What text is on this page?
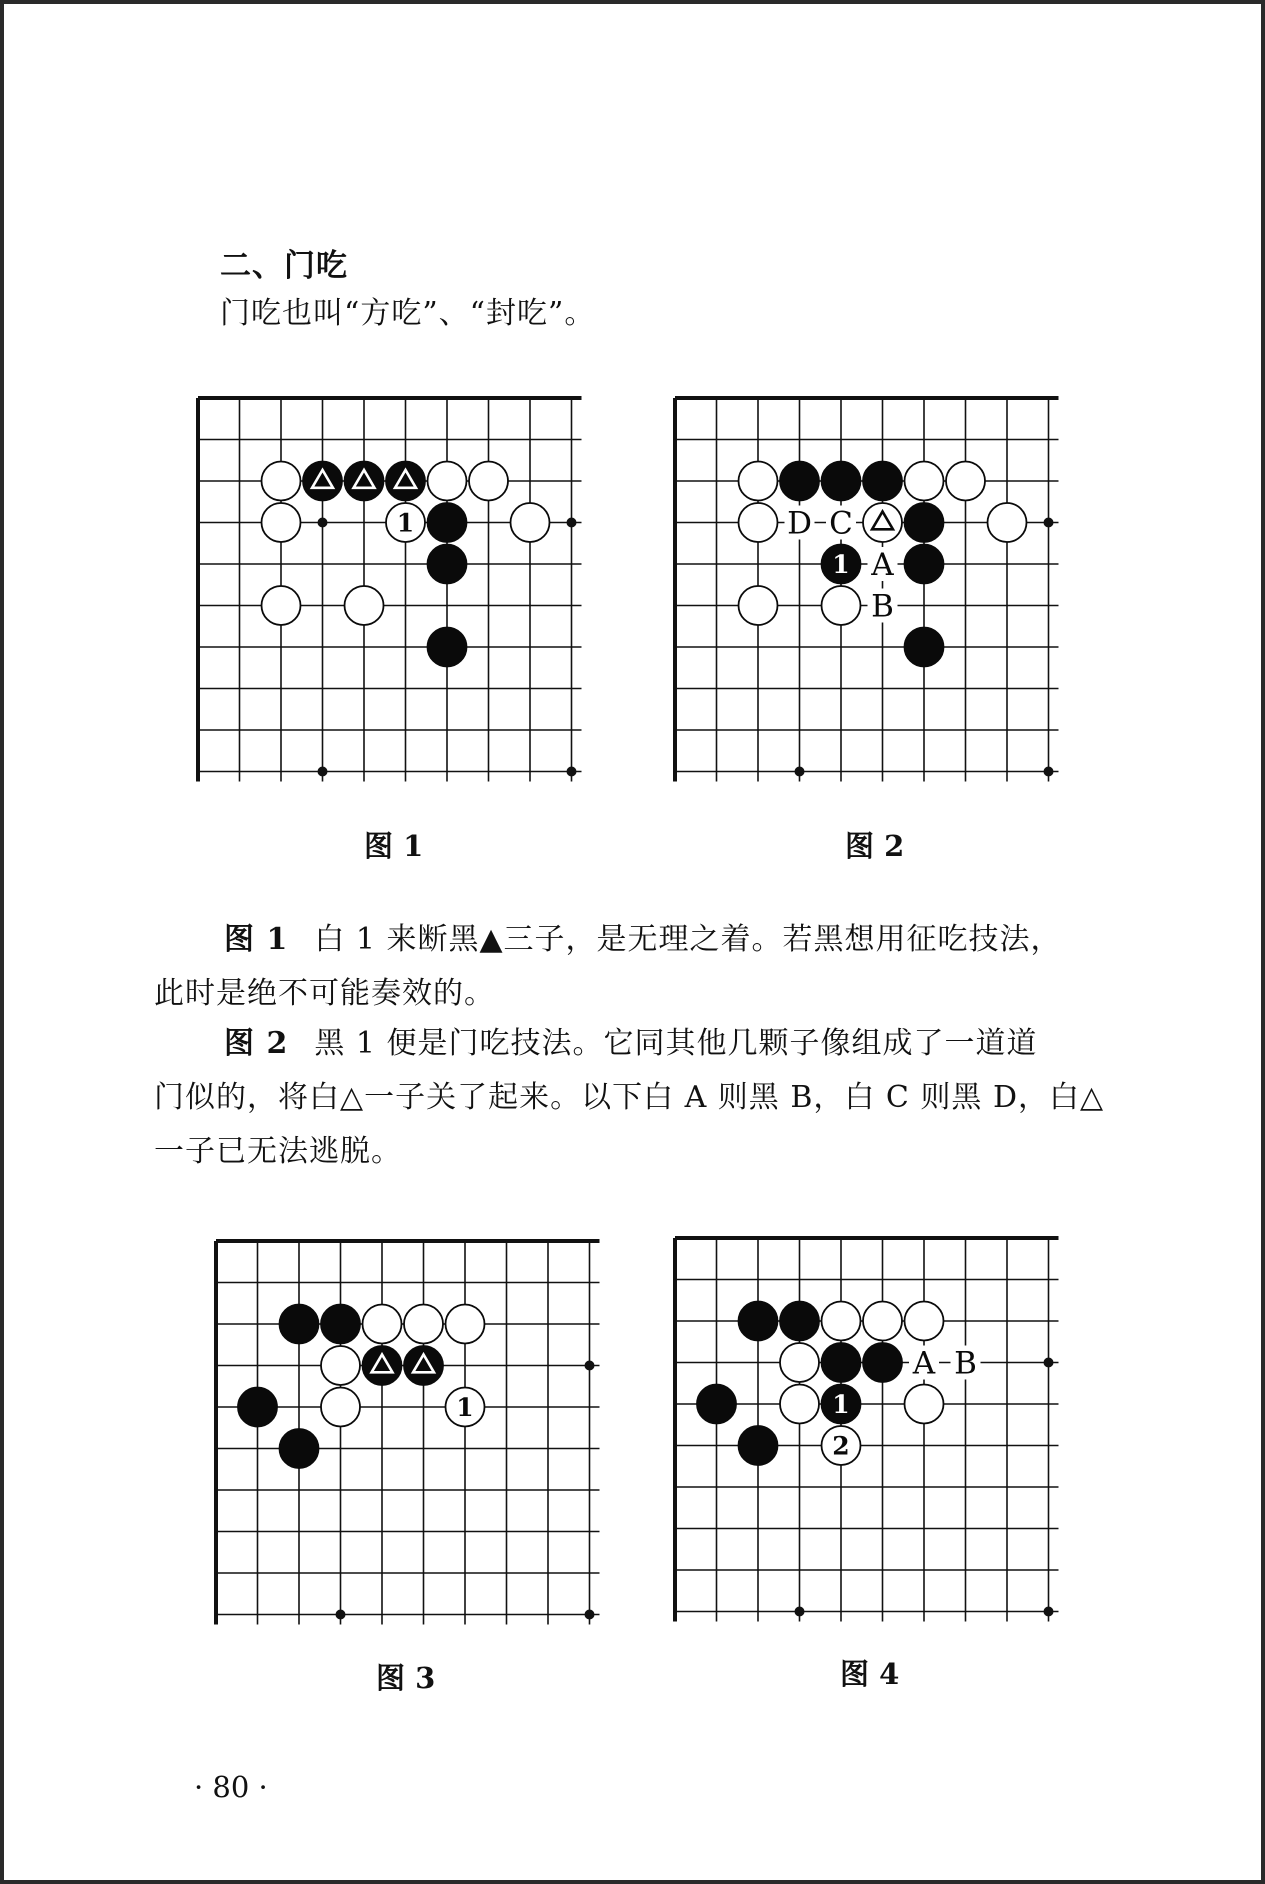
二、门吃
门吃也叫“方吃”、“封吃”。
1
图 1
1
D C
A
B
图 2
图 1 白 1 来断黑▲三子，是无理之着。若黑想用征吃技法，
此时是绝不可能奏效的。
图 2 黑 1 便是门吃技法。它同其他几颗子像组成了一道道
门似的，将白△一子关了起来。以下白 A 则黑 B，白 C 则黑 D，白△
一子已无法逃脱。
1
图 3
1
2
A B
图 4
· 80 ·
